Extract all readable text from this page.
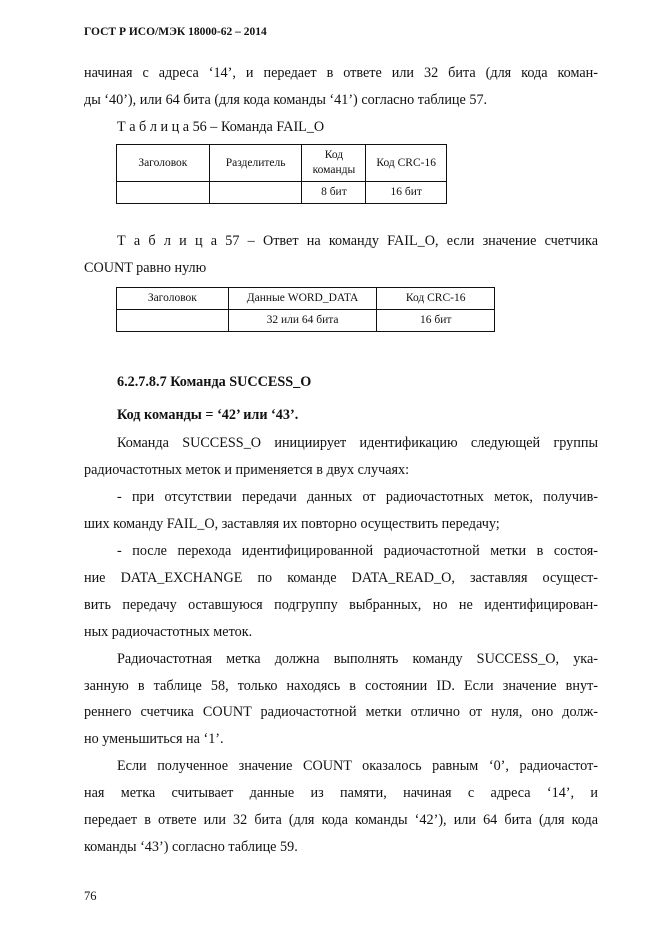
ГОСТ Р ИСО/МЭК 18000-62 – 2014
начиная с адреса ‘14’, и передает в ответе или 32 бита (для кода коман-
ды ‘40’), или 64 бита (для кода команды ‘41’) согласно таблице 57.
Т а б л и ц а 56 – Команда FAIL_O
Заголовок	Разделитель	Код команды	Код CRC-16
		8 бит	16 бит
Т а б л и ц а 57 – Ответ на команду FAIL_O, если значение счетчика
COUNT равно нулю
Заголовок	Данные WORD_DATA	Код CRC-16
	32 или 64 бита	16 бит
6.2.7.8.7 Команда SUCCESS_O
Код команды = ‘42’ или ‘43’.
Команда SUCCESS_O инициирует идентификацию следующей группы
радиочастотных меток и применяется в двух случаях:
- при отсутствии передачи данных от радиочастотных меток, получив-
ших команду FAIL_O, заставляя их повторно осуществить передачу;
- после перехода идентифицированной радиочастотной метки в состоя-
ние DATA_EXCHANGE по команде DATA_READ_O, заставляя осущест-
вить передачу оставшуюся подгруппу выбранных, но не идентифицирован-
ных радиочастотных меток.
Радиочастотная метка должна выполнять команду SUCCESS_O, ука-
занную в таблице 58, только находясь в состоянии ID. Если значение внут-
реннего счетчика COUNT радиочастотной метки отлично от нуля, оно долж-
но уменьшиться на ‘1’.
Если полученное значение COUNT оказалось равным ‘0’, радиочастот-
ная метка считывает данные из памяти, начиная с адреса ‘14’, и
передает в ответе или 32 бита (для кода команды ‘42’), или 64 бита (для кода
команды ‘43’) согласно таблице 59.
76
